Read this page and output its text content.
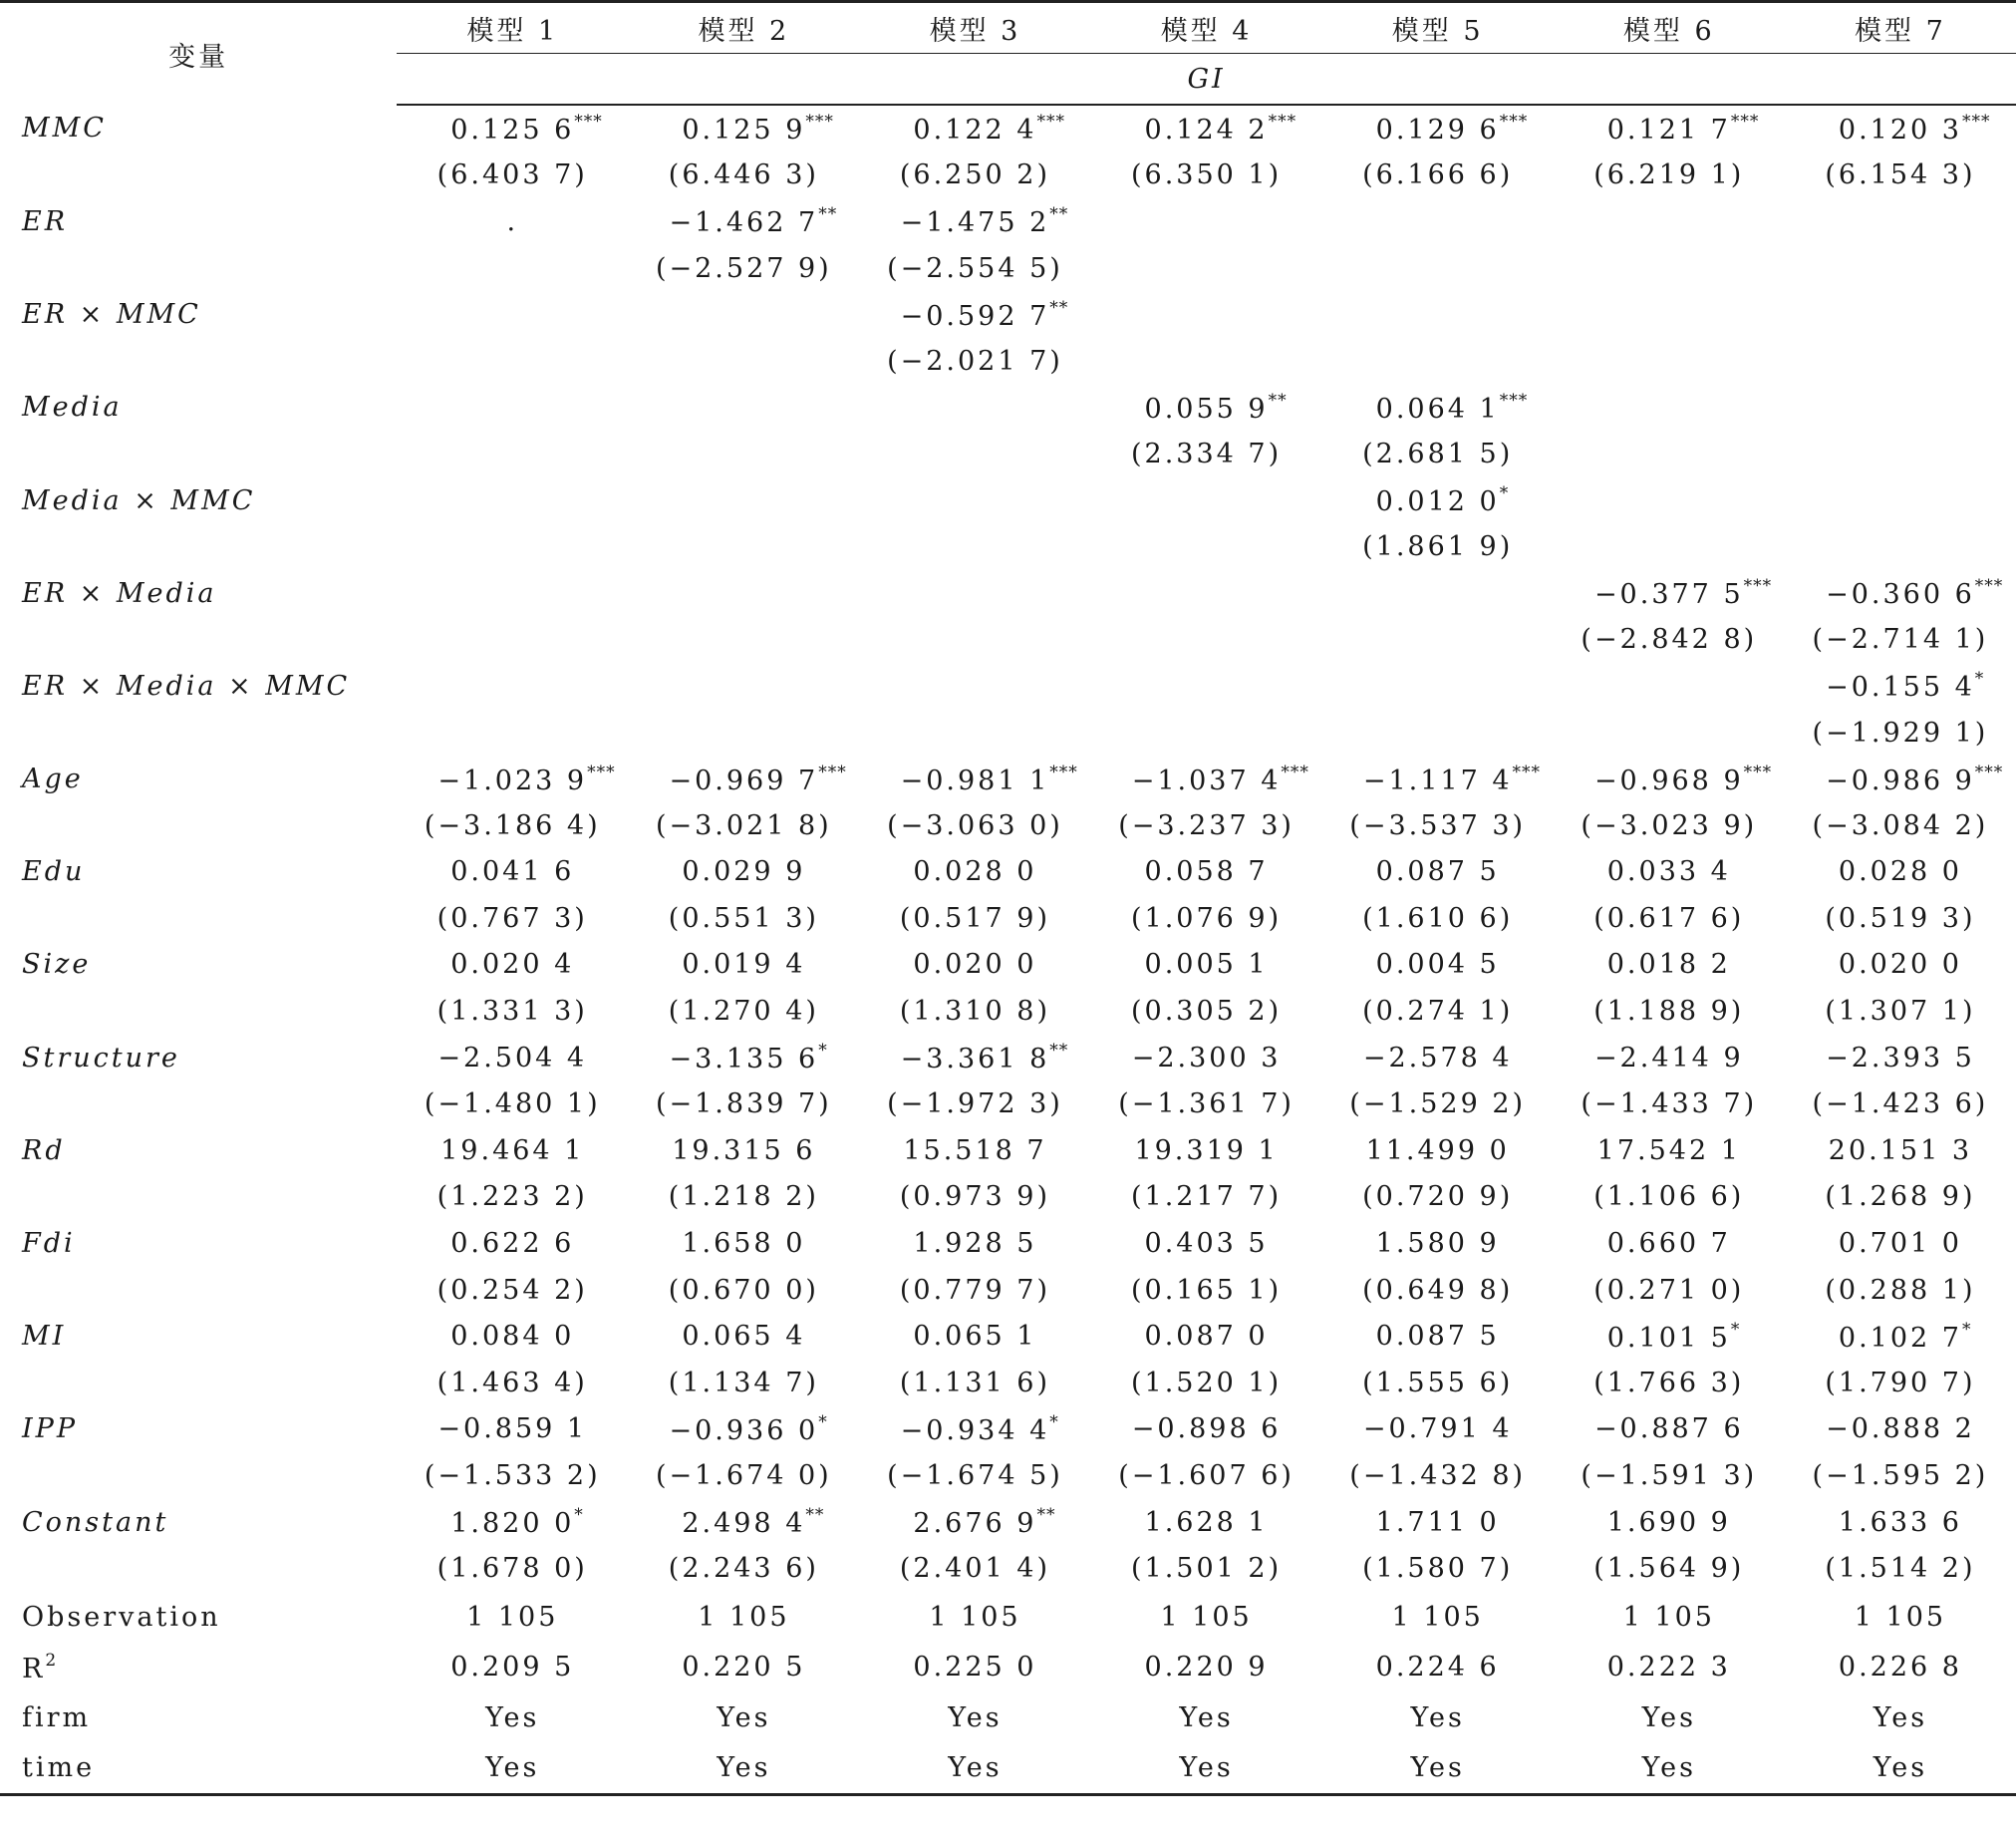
变量	模型 1	模型 2	模型 3	模型 4	模型 5	模型 6	模型 7
	GI						
MMC	0.125 6***	0.125 9***	0.122 4***	0.124 2***	0.129 6***	0.121 7***	0.120 3***
	(6.403 7)	(6.446 3)	(6.250 2)	(6.350 1)	(6.166 6)	(6.219 1)	(6.154 3)
ER	.	−1.462 7**	−1.475 2**				
		(−2.527 9)	(−2.554 5)				
ER × MMC			−0.592 7**				
			(−2.021 7)				
Media				0.055 9**	0.064 1***		
				(2.334 7)	(2.681 5)		
Media × MMC					0.012 0*		
					(1.861 9)		
ER × Media						−0.377 5***	−0.360 6***
						(−2.842 8)	(−2.714 1)
ER × Media × MMC							−0.155 4*
							(−1.929 1)
Age	−1.023 9***	−0.969 7***	−0.981 1***	−1.037 4***	−1.117 4***	−0.968 9***	−0.986 9***
	(−3.186 4)	(−3.021 8)	(−3.063 0)	(−3.237 3)	(−3.537 3)	(−3.023 9)	(−3.084 2)
Edu	0.041 6	0.029 9	0.028 0	0.058 7	0.087 5	0.033 4	0.028 0
	(0.767 3)	(0.551 3)	(0.517 9)	(1.076 9)	(1.610 6)	(0.617 6)	(0.519 3)
Size	0.020 4	0.019 4	0.020 0	0.005 1	0.004 5	0.018 2	0.020 0
	(1.331 3)	(1.270 4)	(1.310 8)	(0.305 2)	(0.274 1)	(1.188 9)	(1.307 1)
Structure	−2.504 4	−3.135 6*	−3.361 8**	−2.300 3	−2.578 4	−2.414 9	−2.393 5
	(−1.480 1)	(−1.839 7)	(−1.972 3)	(−1.361 7)	(−1.529 2)	(−1.433 7)	(−1.423 6)
Rd	19.464 1	19.315 6	15.518 7	19.319 1	11.499 0	17.542 1	20.151 3
	(1.223 2)	(1.218 2)	(0.973 9)	(1.217 7)	(0.720 9)	(1.106 6)	(1.268 9)
Fdi	0.622 6	1.658 0	1.928 5	0.403 5	1.580 9	0.660 7	0.701 0
	(0.254 2)	(0.670 0)	(0.779 7)	(0.165 1)	(0.649 8)	(0.271 0)	(0.288 1)
MI	0.084 0	0.065 4	0.065 1	0.087 0	0.087 5	0.101 5*	0.102 7*
	(1.463 4)	(1.134 7)	(1.131 6)	(1.520 1)	(1.555 6)	(1.766 3)	(1.790 7)
IPP	−0.859 1	−0.936 0*	−0.934 4*	−0.898 6	−0.791 4	−0.887 6	−0.888 2
	(−1.533 2)	(−1.674 0)	(−1.674 5)	(−1.607 6)	(−1.432 8)	(−1.591 3)	(−1.595 2)
Constant	1.820 0*	2.498 4**	2.676 9**	1.628 1	1.711 0	1.690 9	1.633 6
	(1.678 0)	(2.243 6)	(2.401 4)	(1.501 2)	(1.580 7)	(1.564 9)	(1.514 2)
Observation	1 105	1 105	1 105	1 105	1 105	1 105	1 105
$R^2$	0.209 5	0.220 5	0.225 0	0.220 9	0.224 6	0.222 3	0.226 8
firm	Yes	Yes	Yes	Yes	Yes	Yes	Yes
time	Yes	Yes	Yes	Yes	Yes	Yes	Yes
